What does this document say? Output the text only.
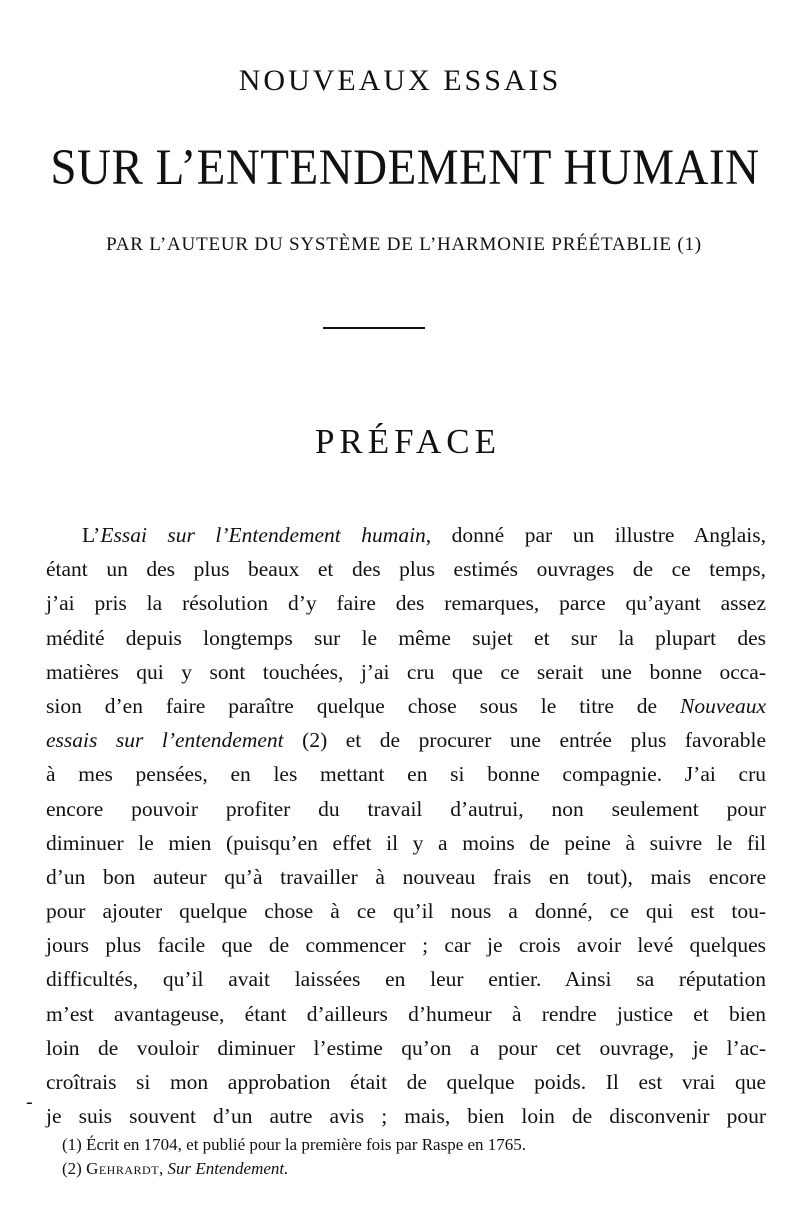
NOUVEAUX ESSAIS
SUR L’ENTENDEMENT HUMAIN
PAR L’AUTEUR DU SYSTÈME DE L’HARMONIE PRÉÉTABLIE (1)
PRÉFACE
L’Essai sur l’Entendement humain, donné par un illustre Anglais,
étant un des plus beaux et des plus estimés ouvrages de ce temps,
j’ai pris la résolution d’y faire des remarques, parce qu’ayant assez
médité depuis longtemps sur le même sujet et sur la plupart des
matières qui y sont touchées, j’ai cru que ce serait une bonne occa-
sion d’en faire paraître quelque chose sous le titre de Nouveaux
essais sur l’entendement (2) et de procurer une entrée plus favorable
à mes pensées, en les mettant en si bonne compagnie. J’ai cru
encore pouvoir profiter du travail d’autrui, non seulement pour
diminuer le mien (puisqu’en effet il y a moins de peine à suivre le fil
d’un bon auteur qu’à travailler à nouveau frais en tout), mais encore
pour ajouter quelque chose à ce qu’il nous a donné, ce qui est tou-
jours plus facile que de commencer ; car je crois avoir levé quelques
difficultés, qu’il avait laissées en leur entier. Ainsi sa réputation
m’est avantageuse, étant d’ailleurs d’humeur à rendre justice et bien
loin de vouloir diminuer l’estime qu’on a pour cet ouvrage, je l’ac-
croîtrais si mon approbation était de quelque poids. Il est vrai que
je suis souvent d’un autre avis ; mais, bien loin de disconvenir pour
-
(1) Écrit en 1704, et publié pour la première fois par Raspe en 1765.
(2) Gehrardt, Sur Entendement.
